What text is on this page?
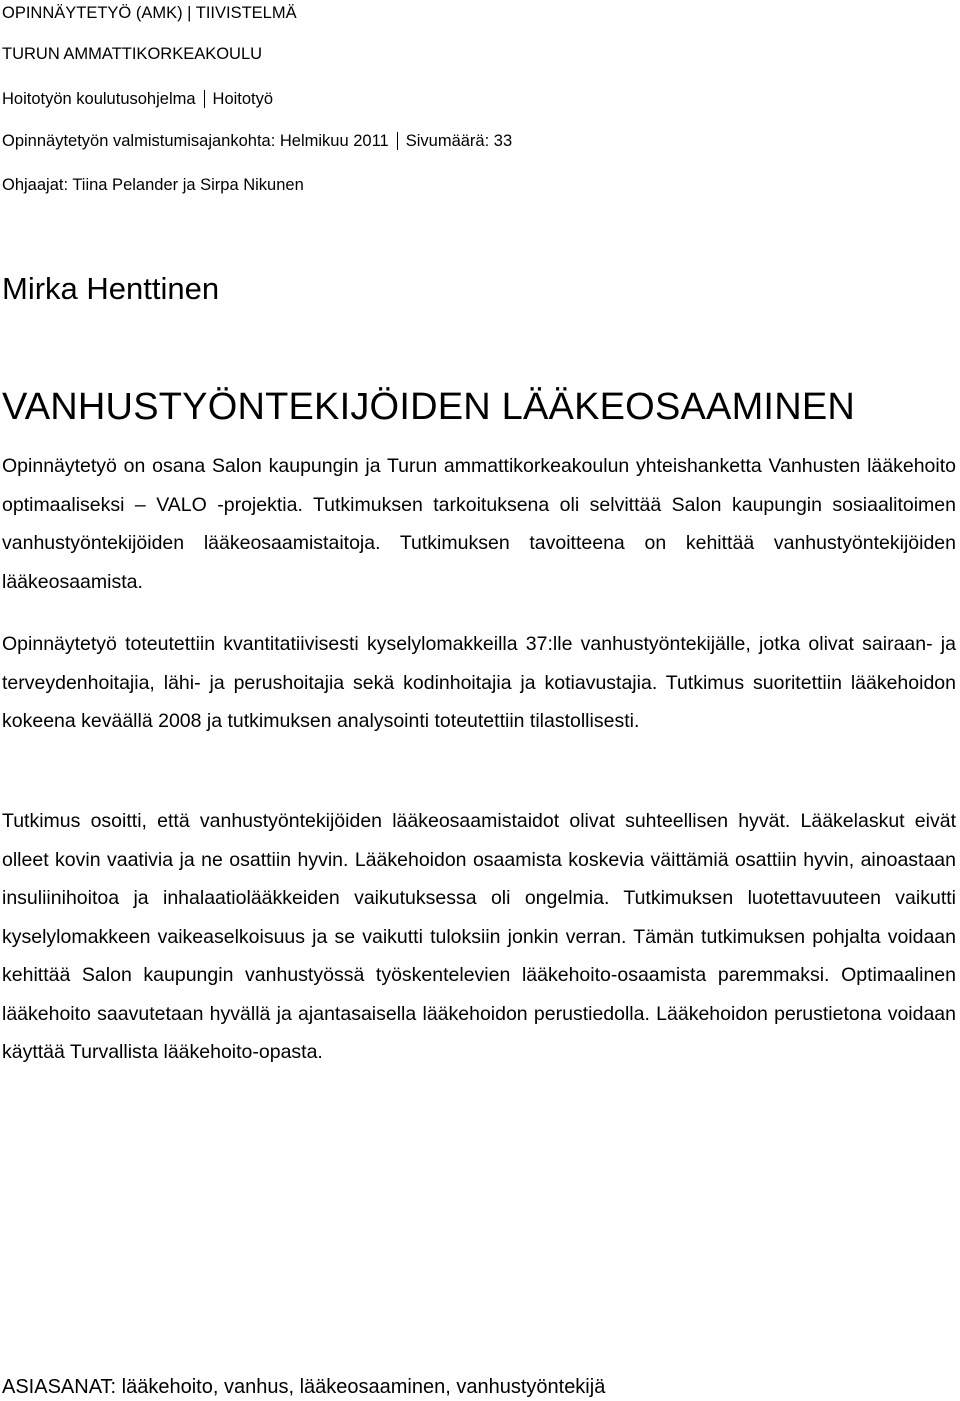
OPINNÄYTETYÖ (AMK) | TIIVISTELMÄ
TURUN AMMATTIKORKEAKOULU
Hoitotyön koulutusohjelma Hoitotyö
Opinnäytetyön valmistumisajankohta: Helmikuu 2011 Sivumäärä: 33
Ohjaajat: Tiina Pelander ja Sirpa Nikunen
Mirka Henttinen
VANHUSTYÖNTEKIJÖIDEN LÄÄKEOSAAMINEN

Opinnäytetyö on osana Salon kaupungin ja Turun ammattikorkeakoulun yhteishanketta Vanhusten lääkehoito optimaaliseksi – VALO -projektia. Tutkimuksen tarkoituksena oli selvittää Salon kaupungin sosiaalitoimen vanhustyöntekijöiden lääkeosaamistaitoja. Tutkimuksen tavoitteena on kehittää vanhustyöntekijöiden lääkeosaamista.

Opinnäytetyö toteutettiin kvantitatiivisesti kyselylomakkeilla 37:lle vanhustyöntekijälle, jotka olivat sairaan- ja terveydenhoitajia, lähi- ja perushoitajia sekä kodinhoitajia ja kotiavustajia. Tutkimus suoritettiin lääkehoidon kokeena keväällä 2008 ja tutkimuksen analysointi toteutettiin tilastollisesti.

Tutkimus osoitti, että vanhustyöntekijöiden lääkeosaamistaidot olivat suhteellisen hyvät. Lääkelaskut eivät olleet kovin vaativia ja ne osattiin hyvin. Lääkehoidon osaamista koskevia väittämiä osattiin hyvin, ainoastaan insuliinihoitoa ja inhalaatiolääkkeiden vaikutuksessa oli ongelmia. Tutkimuksen luotettavuuteen vaikutti kyselylomakkeen vaikeaselkoisuus ja se vaikutti tuloksiin jonkin verran. Tämän tutkimuksen pohjalta voidaan kehittää Salon kaupungin vanhustyössä työskentelevien lääkehoito-osaamista paremmaksi. Optimaalinen lääkehoito saavutetaan hyvällä ja ajantasaisella lääkehoidon perustiedolla. Lääkehoidon perustietona voidaan käyttää Turvallista lääkehoito-opasta.

ASIASANAT: lääkehoito, vanhus, lääkeosaaminen, vanhustyöntekijä
